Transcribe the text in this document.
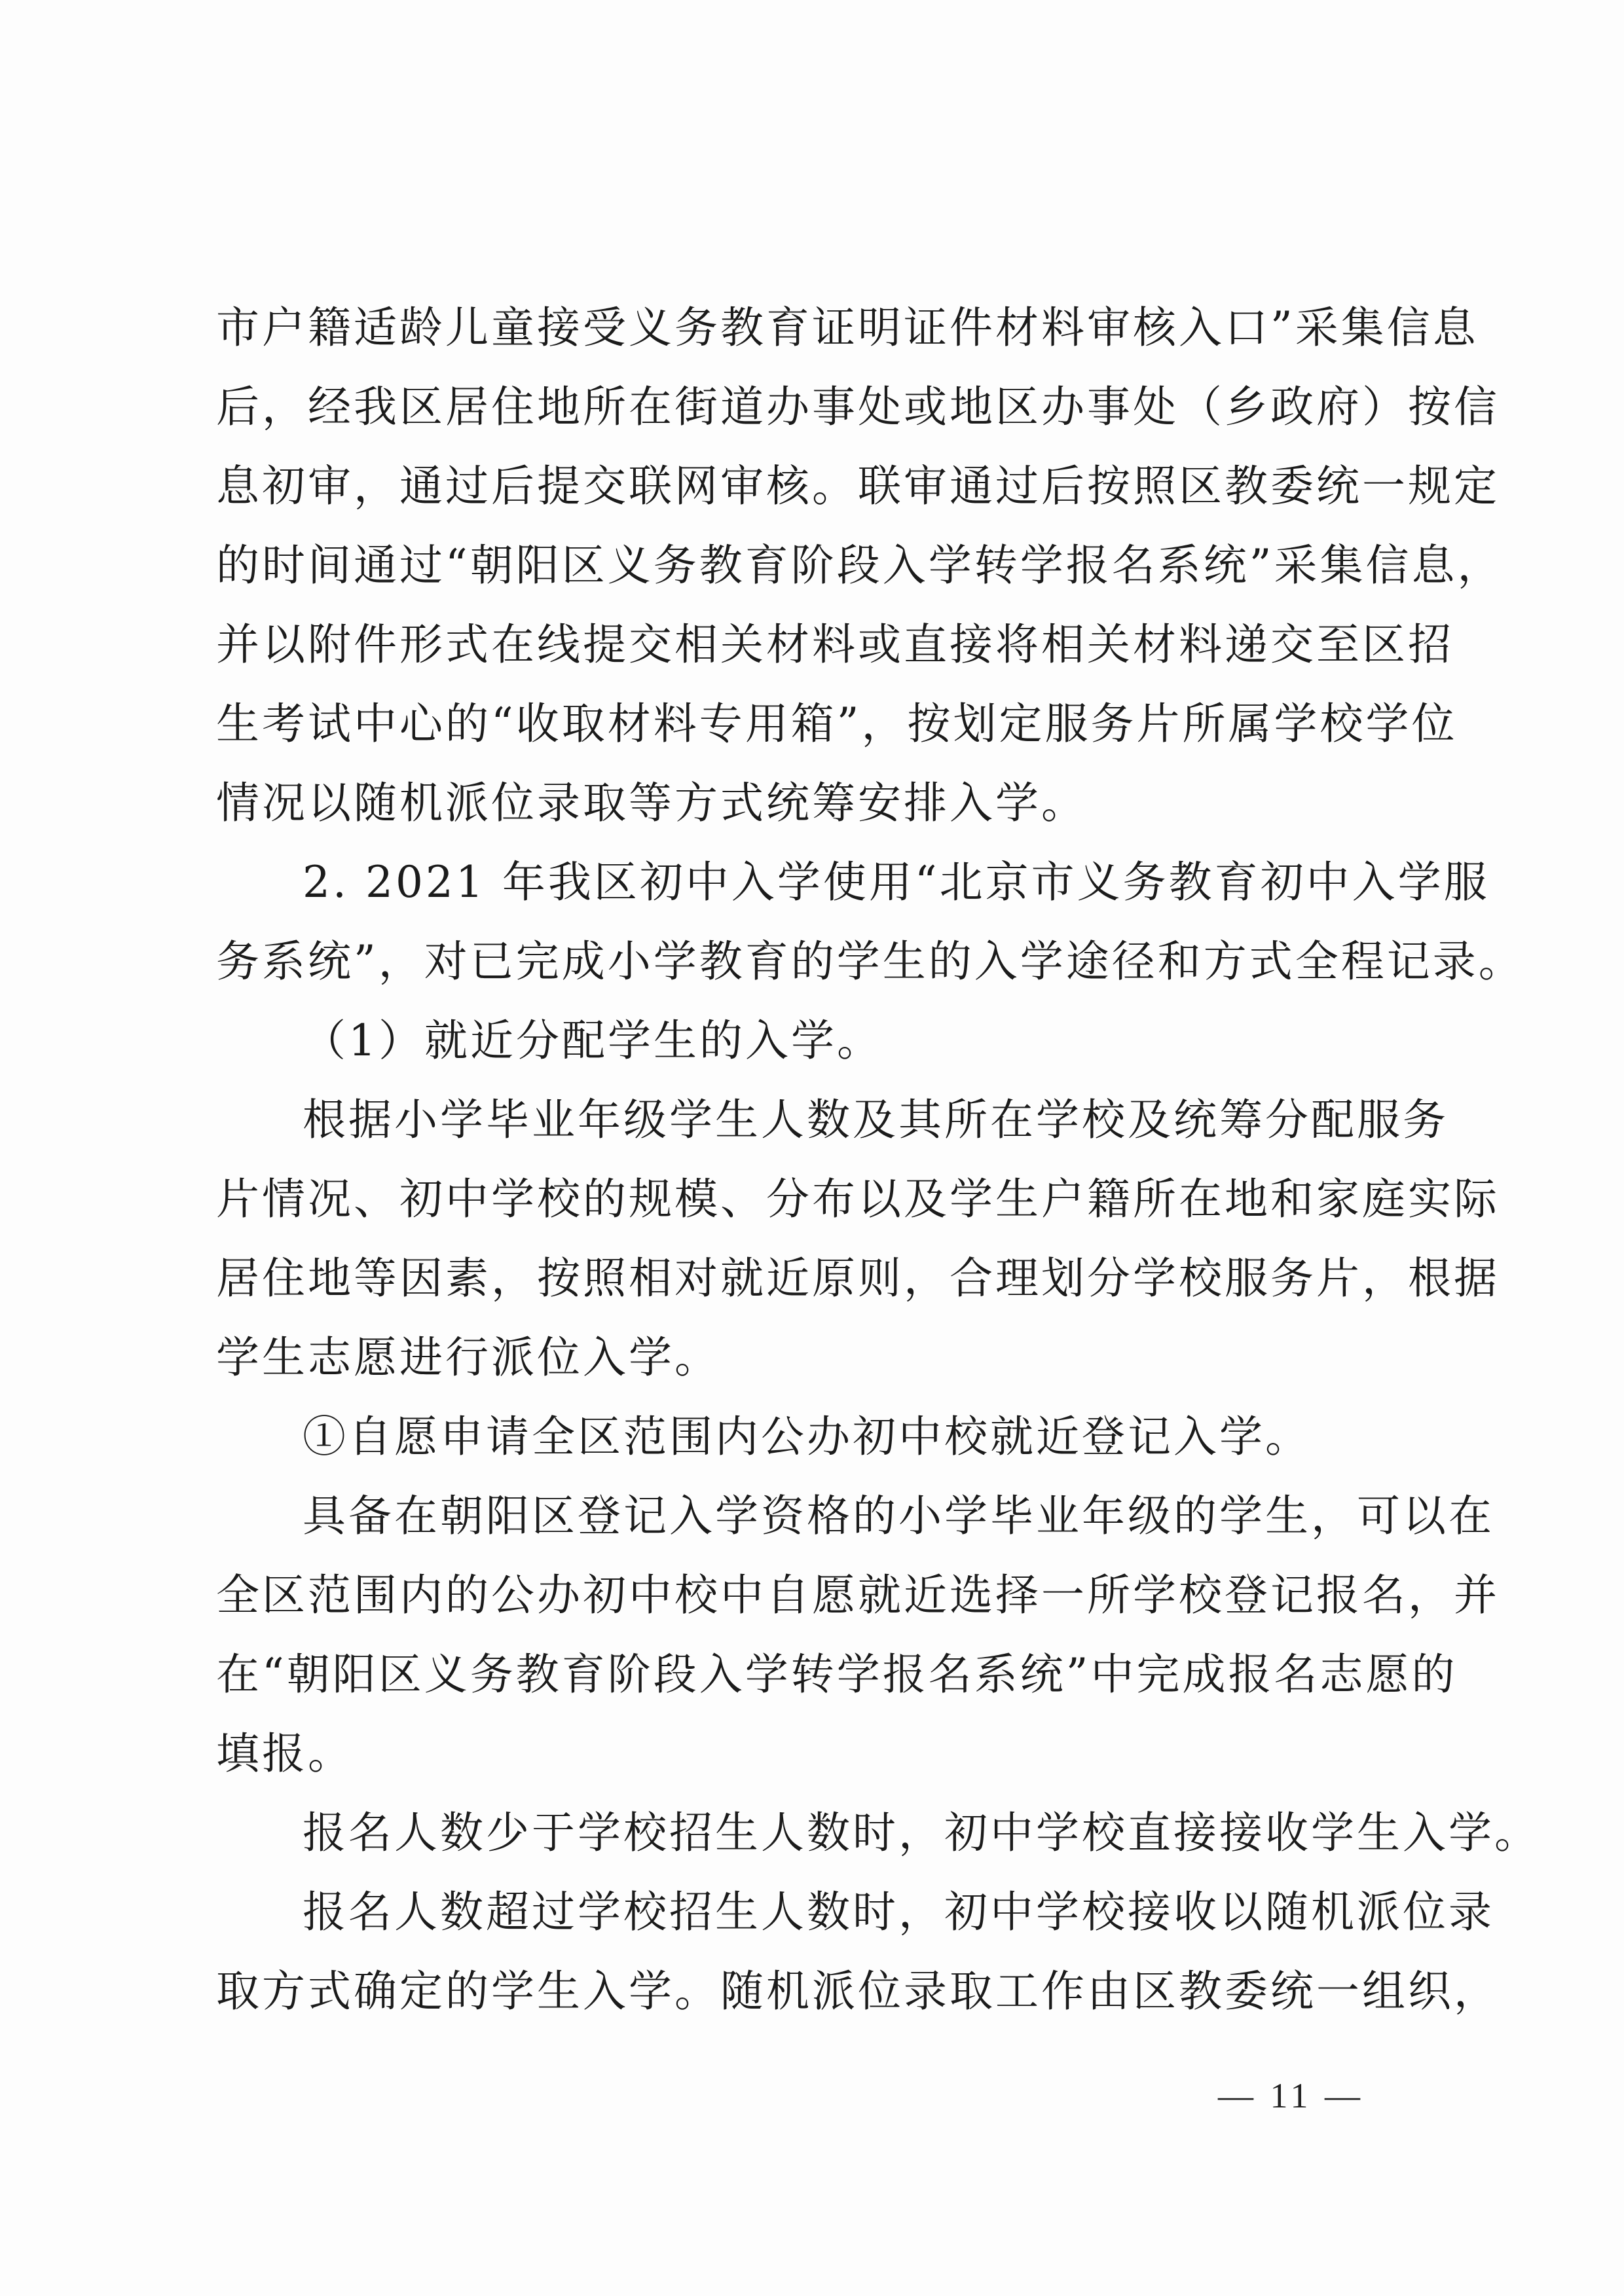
市户籍适龄儿童接受义务教育证明证件材料审核入口”采集信息
后，经我区居住地所在街道办事处或地区办事处（乡政府）按信
息初审，通过后提交联网审核。联审通过后按照区教委统一规定
的时间通过“朝阳区义务教育阶段入学转学报名系统”采集信息，
并以附件形式在线提交相关材料或直接将相关材料递交至区招
生考试中心的“收取材料专用箱”，按划定服务片所属学校学位
情况以随机派位录取等方式统筹安排入学。
2. 2021 年我区初中入学使用“北京市义务教育初中入学服
务系统”，对已完成小学教育的学生的入学途径和方式全程记录。
（1）就近分配学生的入学。
根据小学毕业年级学生人数及其所在学校及统筹分配服务
片情况、初中学校的规模、分布以及学生户籍所在地和家庭实际
居住地等因素，按照相对就近原则，合理划分学校服务片，根据
学生志愿进行派位入学。
①自愿申请全区范围内公办初中校就近登记入学。
具备在朝阳区登记入学资格的小学毕业年级的学生，可以在
全区范围内的公办初中校中自愿就近选择一所学校登记报名，并
在“朝阳区义务教育阶段入学转学报名系统”中完成报名志愿的
填报。
报名人数少于学校招生人数时，初中学校直接接收学生入学。
报名人数超过学校招生人数时，初中学校接收以随机派位录
取方式确定的学生入学。随机派位录取工作由区教委统一组织，
— 11 —
